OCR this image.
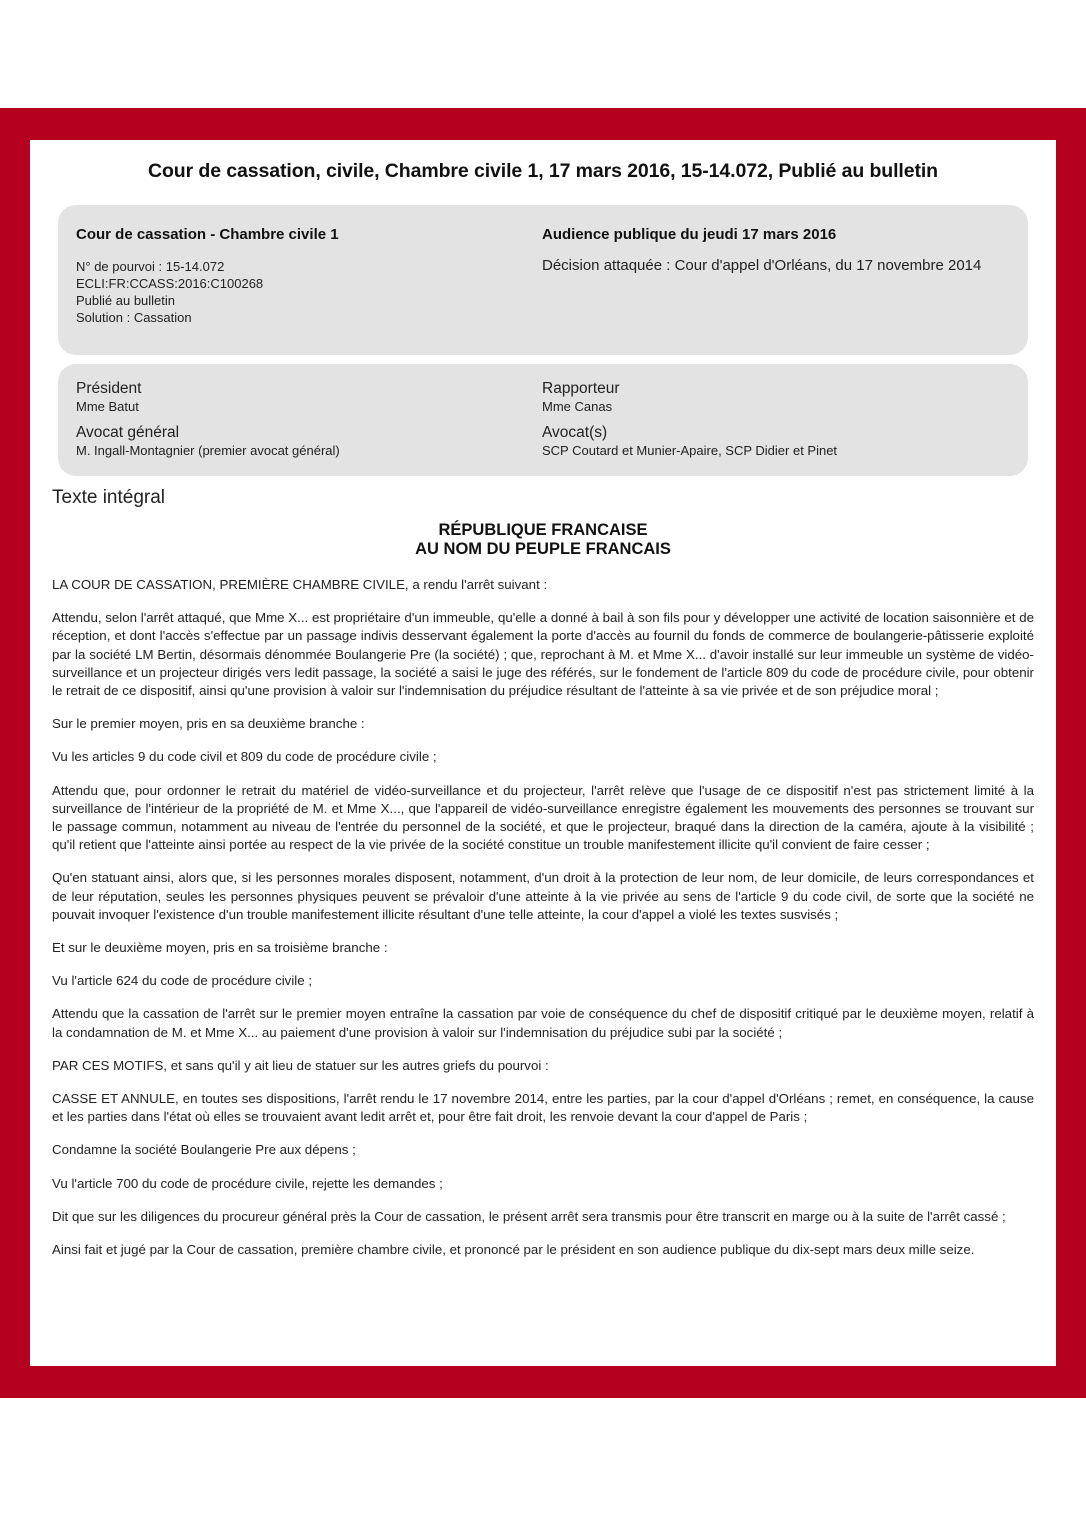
Cour de cassation, civile, Chambre civile 1, 17 mars 2016, 15-14.072, Publié au bulletin
Cour de cassation - Chambre civile 1
N° de pourvoi : 15-14.072
ECLI:FR:CCASS:2016:C100268
Publié au bulletin
Solution : Cassation
Audience publique du jeudi 17 mars 2016
Décision attaquée : Cour d'appel d'Orléans, du 17 novembre 2014
Président
Mme Batut
Avocat général
M. Ingall-Montagnier (premier avocat général)
Rapporteur
Mme Canas
Avocat(s)
SCP Coutard et Munier-Apaire, SCP Didier et Pinet
Texte intégral
RÉPUBLIQUE FRANCAISE
AU NOM DU PEUPLE FRANCAIS

LA COUR DE CASSATION, PREMIÈRE CHAMBRE CIVILE, a rendu l'arrêt suivant :

Attendu, selon l'arrêt attaqué, que Mme X... est propriétaire d'un immeuble, qu'elle a donné à bail à son fils pour y développer une activité de location saisonnière et de réception, et dont l'accès s'effectue par un passage indivis desservant également la porte d'accès au fournil du fonds de commerce de boulangerie-pâtisserie exploité par la société LM Bertin, désormais dénommée Boulangerie Pre (la société) ; que, reprochant à M. et Mme X... d'avoir installé sur leur immeuble un système de vidéo-surveillance et un projecteur dirigés vers ledit passage, la société a saisi le juge des référés, sur le fondement de l'article 809 du code de procédure civile, pour obtenir le retrait de ce dispositif, ainsi qu'une provision à valoir sur l'indemnisation du préjudice résultant de l'atteinte à sa vie privée et de son préjudice moral ;

Sur le premier moyen, pris en sa deuxième branche :

Vu les articles 9 du code civil et 809 du code de procédure civile ;

Attendu que, pour ordonner le retrait du matériel de vidéo-surveillance et du projecteur, l'arrêt relève que l'usage de ce dispositif n'est pas strictement limité à la surveillance de l'intérieur de la propriété de M. et Mme X..., que l'appareil de vidéo-surveillance enregistre également les mouvements des personnes se trouvant sur le passage commun, notamment au niveau de l'entrée du personnel de la société, et que le projecteur, braqué dans la direction de la caméra, ajoute à la visibilité ; qu'il retient que l'atteinte ainsi portée au respect de la vie privée de la société constitue un trouble manifestement illicite qu'il convient de faire cesser ;

Qu'en statuant ainsi, alors que, si les personnes morales disposent, notamment, d'un droit à la protection de leur nom, de leur domicile, de leurs correspondances et de leur réputation, seules les personnes physiques peuvent se prévaloir d'une atteinte à la vie privée au sens de l'article 9 du code civil, de sorte que la société ne pouvait invoquer l'existence d'un trouble manifestement illicite résultant d'une telle atteinte, la cour d'appel a violé les textes susvisés ;

Et sur le deuxième moyen, pris en sa troisième branche :

Vu l'article 624 du code de procédure civile ;

Attendu que la cassation de l'arrêt sur le premier moyen entraîne la cassation par voie de conséquence du chef de dispositif critiqué par le deuxième moyen, relatif à la condamnation de M. et Mme X... au paiement d'une provision à valoir sur l'indemnisation du préjudice subi par la société ;

PAR CES MOTIFS, et sans qu'il y ait lieu de statuer sur les autres griefs du pourvoi :

CASSE ET ANNULE, en toutes ses dispositions, l'arrêt rendu le 17 novembre 2014, entre les parties, par la cour d'appel d'Orléans ; remet, en conséquence, la cause et les parties dans l'état où elles se trouvaient avant ledit arrêt et, pour être fait droit, les renvoie devant la cour d'appel de Paris ;

Condamne la société Boulangerie Pre aux dépens ;

Vu l'article 700 du code de procédure civile, rejette les demandes ;

Dit que sur les diligences du procureur général près la Cour de cassation, le présent arrêt sera transmis pour être transcrit en marge ou à la suite de l'arrêt cassé ;

Ainsi fait et jugé par la Cour de cassation, première chambre civile, et prononcé par le président en son audience publique du dix-sept mars deux mille seize.
